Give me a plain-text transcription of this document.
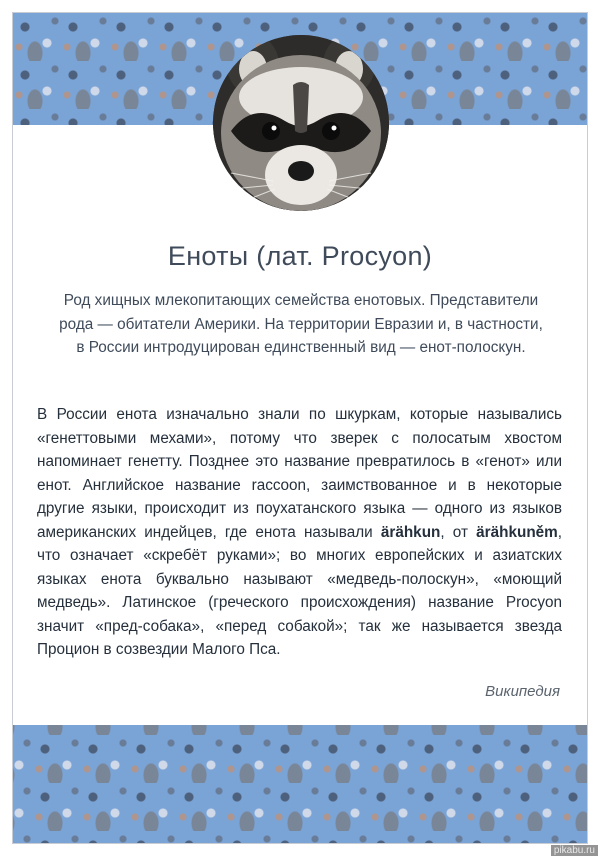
Еноты (лат. Procyon)

Род хищных млекопитающих семейства енотовых. Представители рода — обитатели Америки. На территории Евразии и, в частности, в России интродуцирован единственный вид — енот-полоскун.

В России енота изначально знали по шкуркам, которые назывались «генеттовыми мехами», потому что зверек с полосатым хвостом напоминает генетту. Позднее это название превратилось в «генот» или енот. Английское название raccoon, заимствованное и в некоторые другие языки, происходит из поухатанского языка — одного из языков американских индейцев, где енота называли ärähkun, от ärähkuněm, что означает «скребёт руками»; во многих европейских и азиатских языках енота буквально называют «медведь-полоскун», «моющий медведь». Латинское (греческого происхождения) название Procyon значит «пред-собака», «перед собакой»; так же называется звезда Процион в созвездии Малого Пса.

Википедия

pikabu.ru
